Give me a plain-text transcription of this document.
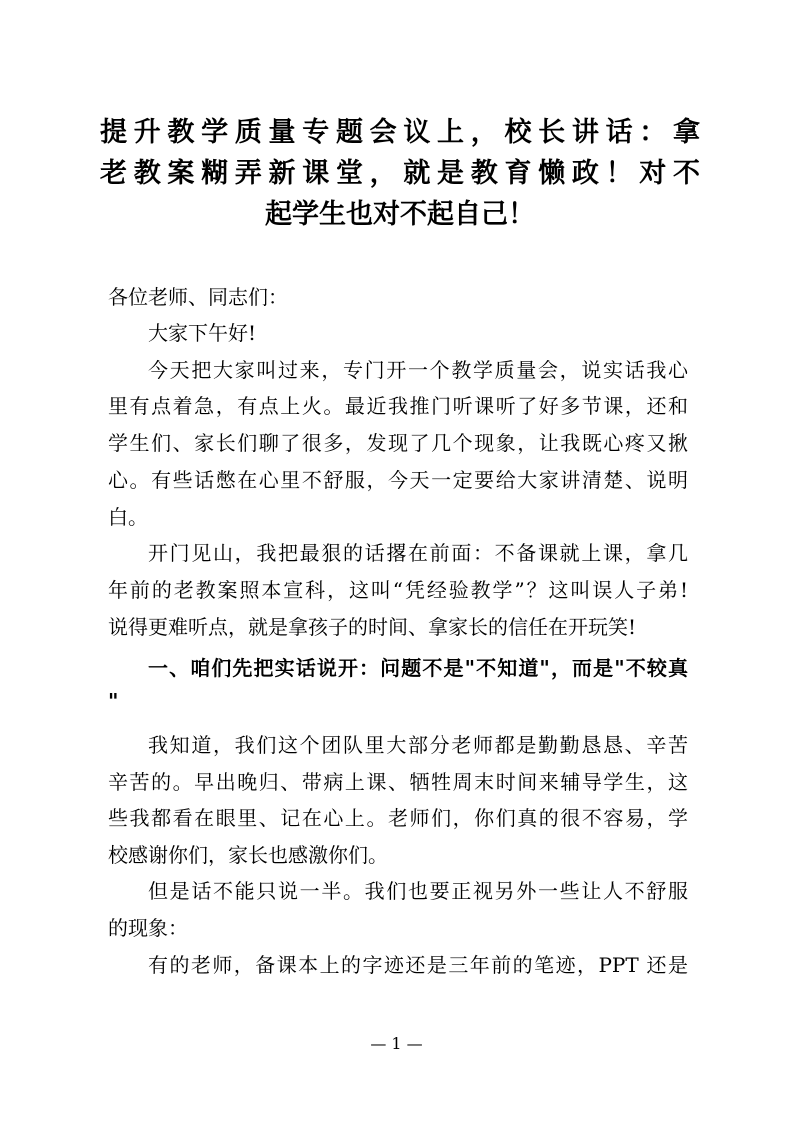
提升教学质量专题会议上，校长讲话：拿
老教案糊弄新课堂，就是教育懒政！对不
起学生也对不起自己！
各位老师、同志们：
大家下午好!
今天把大家叫过来，专门开一个教学质量会，说实话我心
里有点着急，有点上火。最近我推门听课听了好多节课，还和
学生们、家长们聊了很多，发现了几个现象，让我既心疼又揪
心。有些话憋在心里不舒服，今天一定要给大家讲清楚、说明
白。
开门见山，我把最狠的话撂在前面：不备课就上课，拿几
年前的老教案照本宣科，这叫“凭经验教学”？这叫误人子弟!
说得更难听点，就是拿孩子的时间、拿家长的信任在开玩笑!
一、咱们先把实话说开：问题不是"不知道"，而是"不较真
"
我知道，我们这个团队里大部分老师都是勤勤恳恳、辛苦
辛苦的。早出晚归、带病上课、牺牲周末时间来辅导学生，这
些我都看在眼里、记在心上。老师们，你们真的很不容易，学
校感谢你们，家长也感激你们。
但是话不能只说一半。我们也要正视另外一些让人不舒服
的现象：
有的老师，备课本上的字迹还是三年前的笔迹，PPT 还是
— 1 —
